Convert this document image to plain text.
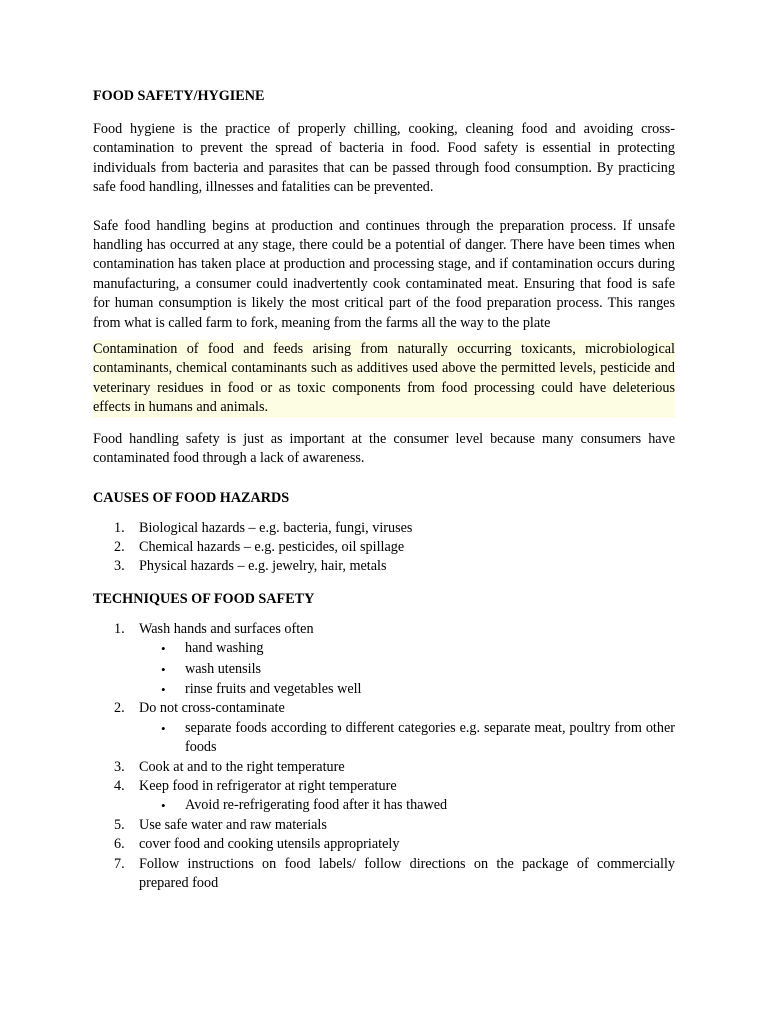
FOOD SAFETY/HYGIENE

Food hygiene is the practice of properly chilling, cooking, cleaning food and avoiding cross-contamination to prevent the spread of bacteria in food. Food safety is essential in protecting individuals from bacteria and parasites that can be passed through food consumption. By practicing safe food handling, illnesses and fatalities can be prevented.

Safe food handling begins at production and continues through the preparation process. If unsafe handling has occurred at any stage, there could be a potential of danger. There have been times when contamination has taken place at production and processing stage, and if contamination occurs during manufacturing, a consumer could inadvertently cook contaminated meat. Ensuring that food is safe for human consumption is likely the most critical part of the food preparation process. This ranges from what is called farm to fork, meaning from the farms all the way to the plate

Contamination of food and feeds arising from naturally occurring toxicants, microbiological contaminants, chemical contaminants such as additives used above the permitted levels, pesticide and veterinary residues in food or as toxic components from food processing could have deleterious effects in humans and animals.

Food handling safety is just as important at the consumer level because many consumers have contaminated food through a lack of awareness.

CAUSES OF FOOD HAZARDS
1. Biological hazards – e.g. bacteria, fungi, viruses
2. Chemical hazards – e.g. pesticides, oil spillage
3. Physical hazards – e.g. jewelry, hair, metals
TECHNIQUES OF FOOD SAFETY
1. Wash hands and surfaces often
• hand washing
• wash utensils
• rinse fruits and vegetables well
2. Do not cross-contaminate
• separate foods according to different categories e.g. separate meat, poultry from other foods
3. Cook at and to the right temperature
4. Keep food in refrigerator at right temperature
• Avoid re-refrigerating food after it has thawed
5. Use safe water and raw materials
6. cover food and cooking utensils appropriately
7. Follow instructions on food labels/ follow directions on the package of commercially prepared food
